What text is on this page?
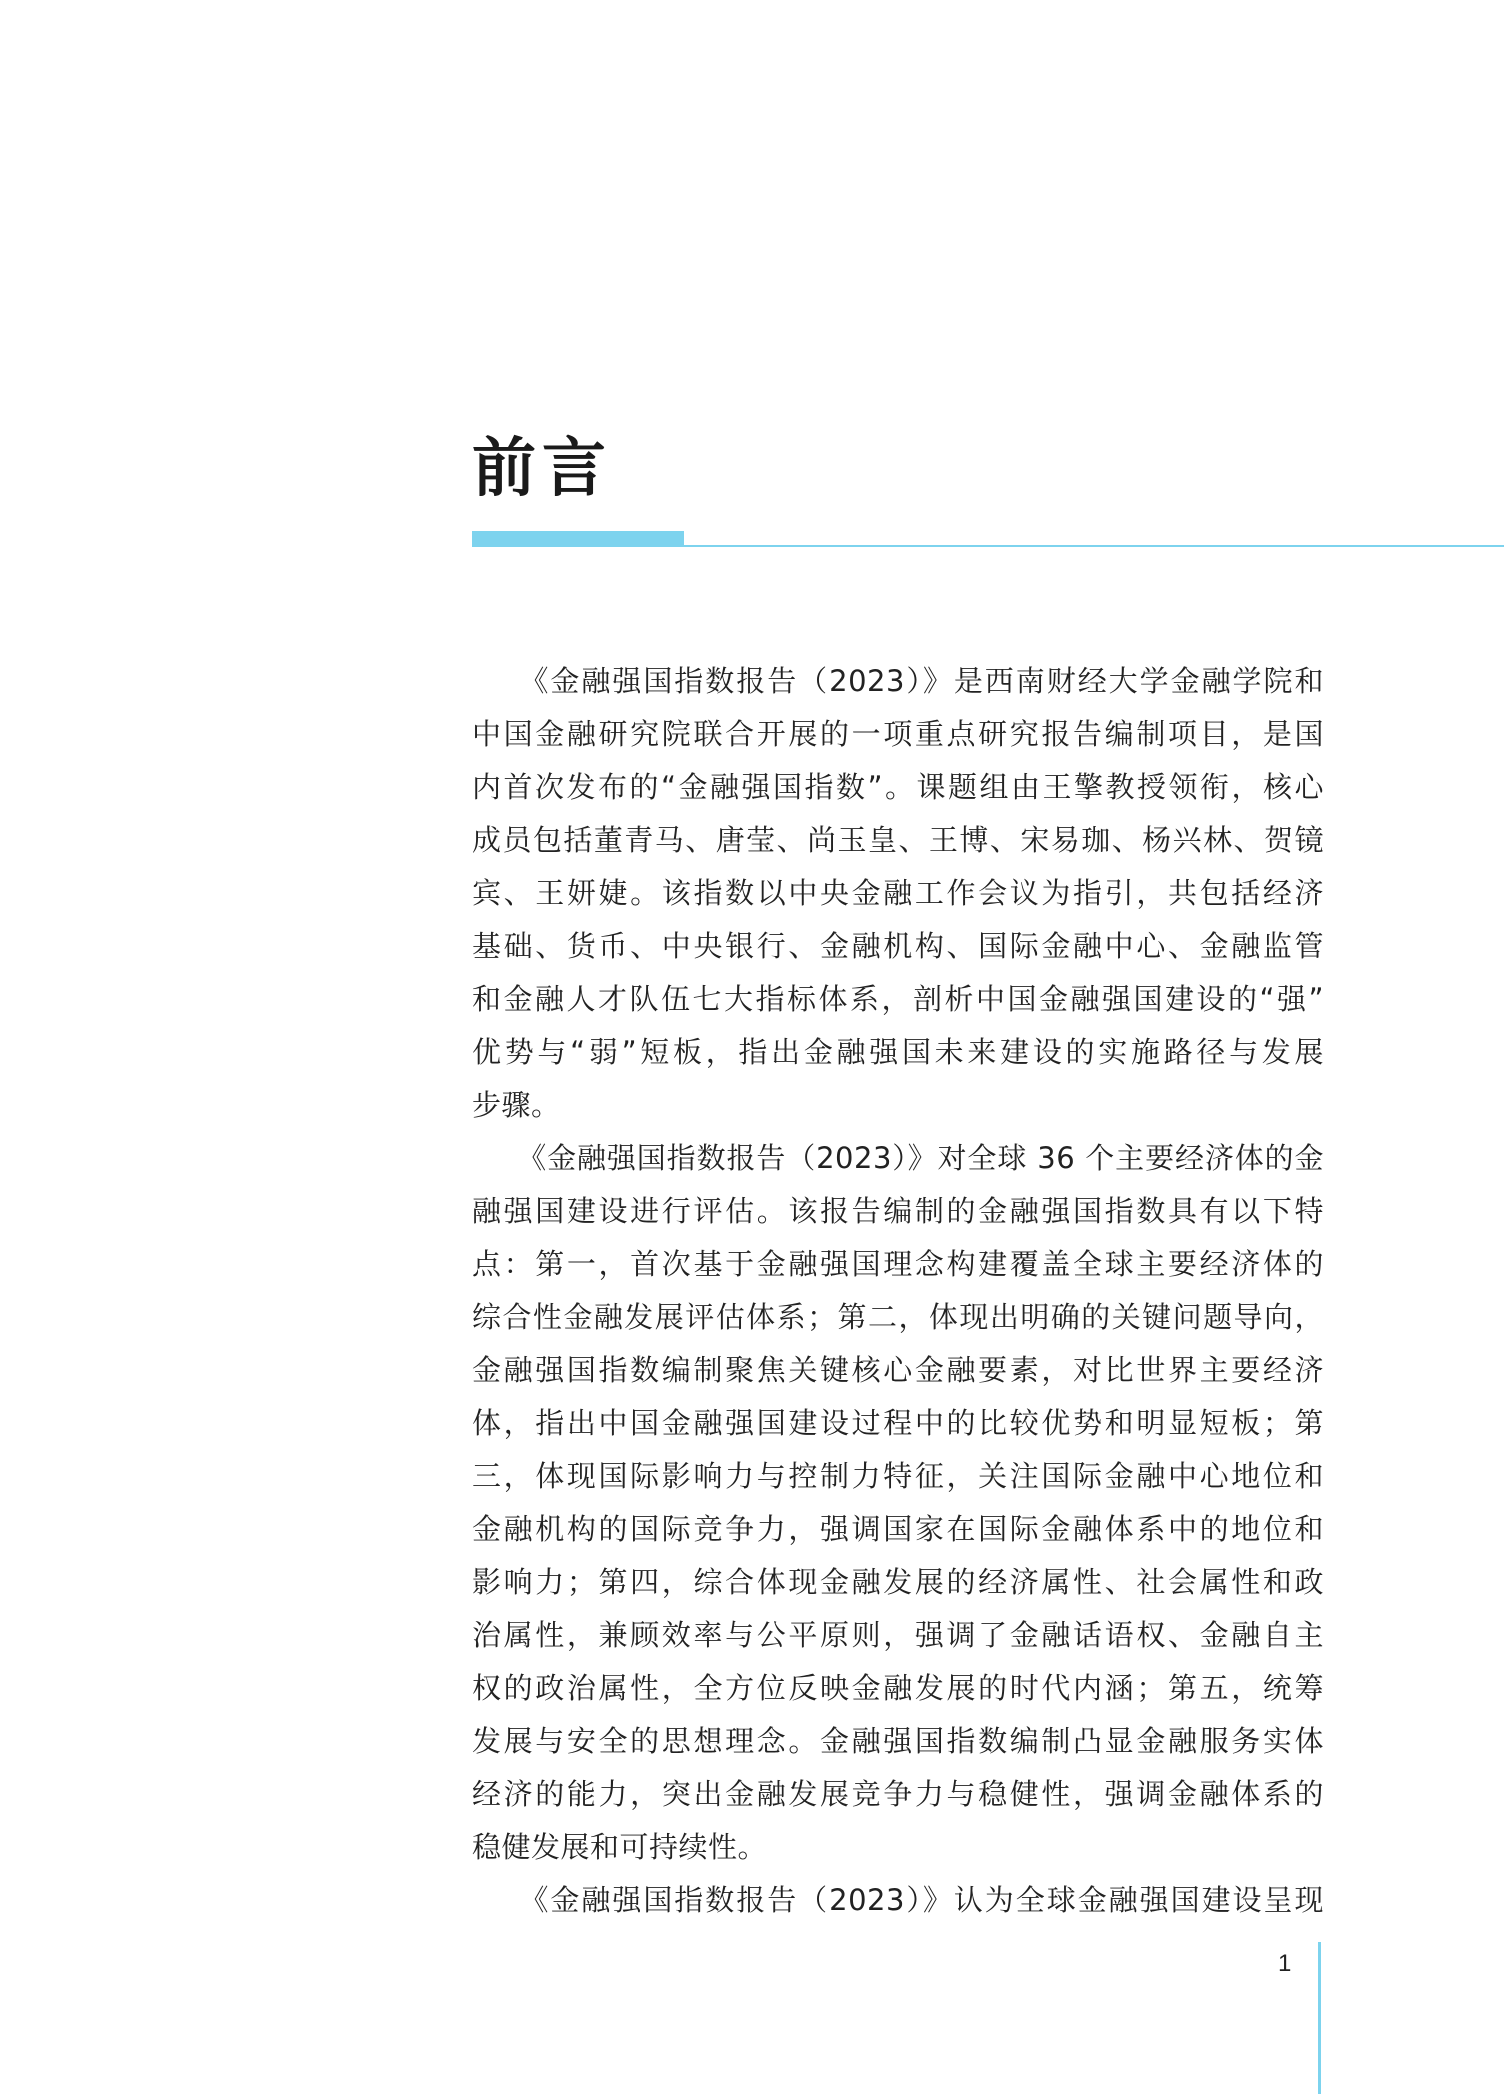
前言
　　《金融强国指数报告（2023）》是西南财经大学金融学院和
中国金融研究院联合开展的一项重点研究报告编制项目，是国
内首次发布的“金融强国指数”。课题组由王擎教授领衔，核心
成员包括董青马、唐莹、尚玉皇、王博、宋易珈、杨兴林、贺镜
宾、王妍婕。该指数以中央金融工作会议为指引，共包括经济
基础、货币、中央银行、金融机构、国际金融中心、金融监管
和金融人才队伍七大指标体系，剖析中国金融强国建设的“强”
优势与“弱”短板，指出金融强国未来建设的实施路径与发展
步骤。
　　《金融强国指数报告（2023）》对全球 36 个主要经济体的金
融强国建设进行评估。该报告编制的金融强国指数具有以下特
点：第一，首次基于金融强国理念构建覆盖全球主要经济体的
综合性金融发展评估体系；第二，体现出明确的关键问题导向，
金融强国指数编制聚焦关键核心金融要素，对比世界主要经济
体，指出中国金融强国建设过程中的比较优势和明显短板；第
三，体现国际影响力与控制力特征，关注国际金融中心地位和
金融机构的国际竞争力，强调国家在国际金融体系中的地位和
影响力；第四，综合体现金融发展的经济属性、社会属性和政
治属性，兼顾效率与公平原则，强调了金融话语权、金融自主
权的政治属性，全方位反映金融发展的时代内涵；第五，统筹
发展与安全的思想理念。金融强国指数编制凸显金融服务实体
经济的能力，突出金融发展竞争力与稳健性，强调金融体系的
稳健发展和可持续性。
　　《金融强国指数报告（2023）》认为全球金融强国建设呈现
1
